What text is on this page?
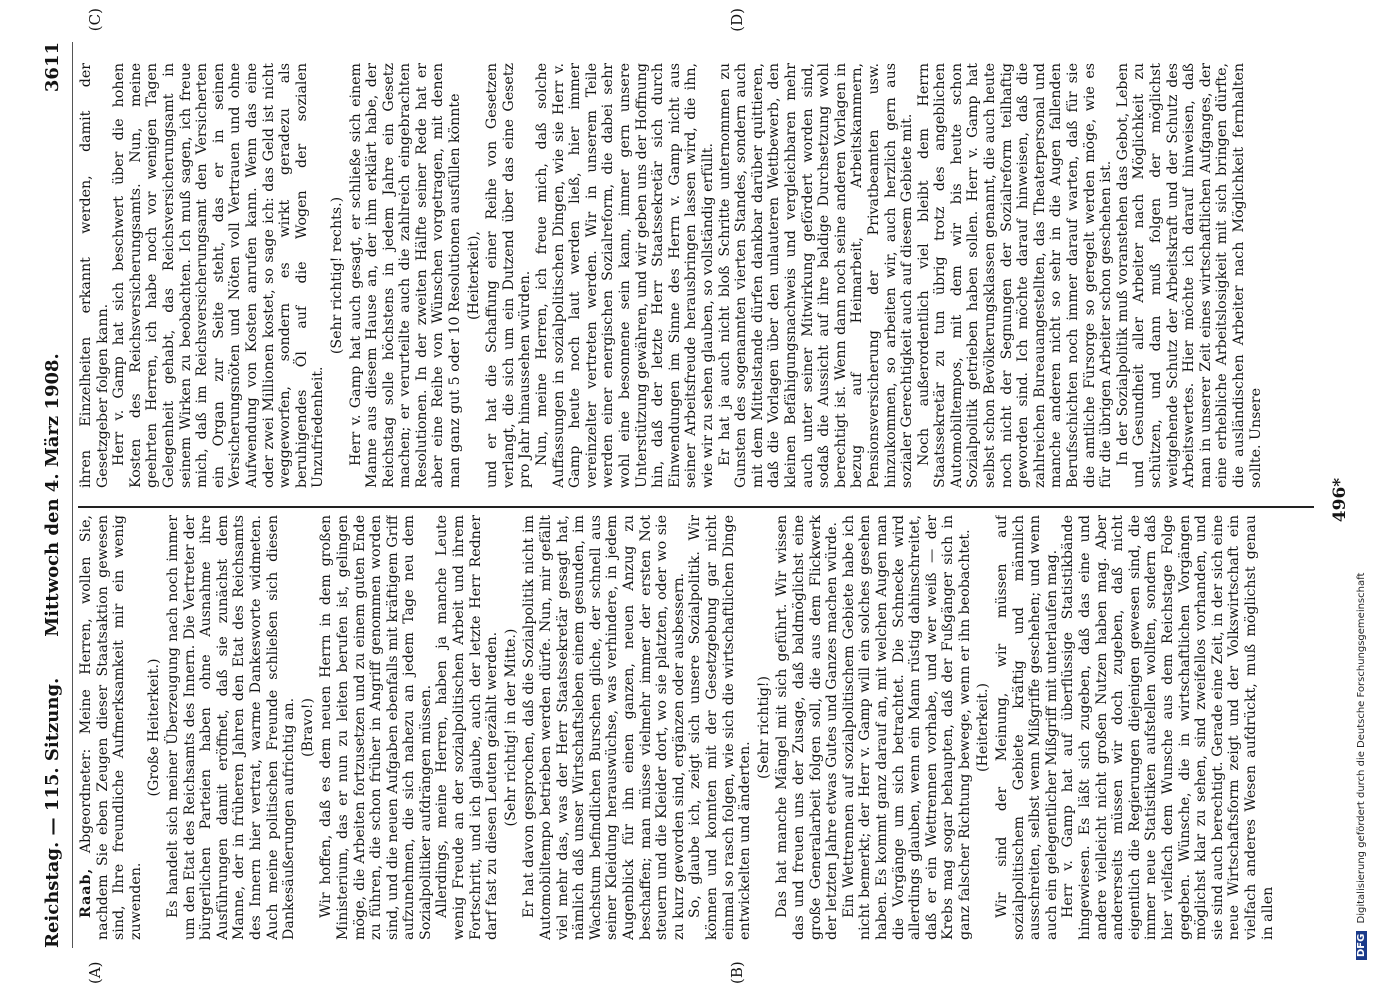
Reichstag. — 115. Sitzung.
Mittwoch den 4. März 1908.
3611
(A)	(B)
(C)	(D)

Raab, Abgeordneter: Meine Herren, wollen Sie, nachdem Sie eben Zeugen dieser Staatsaktion gewesen sind, Ihre freundliche Aufmerksamkeit mir ein wenig zuwenden.

(Große Heiterkeit.) Es handelt sich meiner Überzeugung nach noch immer um den Etat des Reichsamts des Innern. Die Vertreter der bürgerlichen Parteien haben ohne Ausnahme ihre Ausführungen damit eröffnet, daß sie zunächst dem Manne, der in früheren Jahren den Etat des Reichsamts des Innern hier vertrat, warme Dankesworte widmeten. Auch meine politischen Freunde schließen sich diesen Dankesäußerungen aufrichtig an. (Bravo!) Wir hoffen, daß es dem neuen Herrn in dem großen Ministerium, das er nun zu leiten berufen ist, gelingen möge, die Arbeiten fortzusetzen und zu einem guten Ende zu führen, die schon früher in Angriff genommen worden sind, und die neuen Aufgaben ebenfalls mit kräftigem Griff aufzunehmen, die sich nahezu an jedem Tage neu dem Sozialpolitiker aufdrängen müssen. Allerdings, meine Herren, haben ja manche Leute wenig Freude an der sozialpolitischen Arbeit und ihrem Fortschritt, und ich glaube, auch der letzte Herr Redner darf fast zu diesen Leuten gezählt werden. (Sehr richtig! in der Mitte.) Er hat davon gesprochen, daß die Sozialpolitik nicht im Automobiltempo betrieben werden dürfe. Nun, mir gefällt viel mehr das, was der Herr Staatssekretär gesagt hat, nämlich daß unser Wirtschaftsleben einem gesunden, im Wachstum befindlichen Burschen gliche, der schnell aus seiner Kleidung herauswüchse, was verhindere, in jedem Augenblick für ihn einen ganzen, neuen Anzug zu beschaffen; man müsse vielmehr immer der ersten Not steuern und die Kleider dort, wo sie platzten, oder wo sie zu kurz geworden sind, ergänzen oder ausbessern. So, glaube ich, zeigt sich unsere Sozialpolitik. Wir können und konnten mit der Gesetzgebung gar nicht einmal so rasch folgen, wie sich die wirtschaftlichen Dinge entwickelten und änderten.

(Sehr richtig!) Das hat manche Mängel mit sich geführt. Wir wissen das und freuen uns der Zusage, daß baldmöglichst eine große Generalarbeit folgen soll, die aus dem Flickwerk der letzten Jahre etwas Gutes und Ganzes machen würde. Ein Wettrennen auf sozialpolitischem Gebiete habe ich nicht bemerkt; der Herr v. Gamp will ein solches gesehen haben. Es kommt ganz darauf an, mit welchen Augen man die Vorgänge um sich betrachtet. Die Schnecke wird allerdings glauben, wenn ein Mann rüstig dahinschreitet, daß er ein Wettrennen vorhabe, und wer weiß — der Krebs mag sogar behaupten, daß der Fußgänger sich in ganz falscher Richtung bewege, wenn er ihn beobachtet. (Heiterkeit.) Wir sind der Meinung, wir müssen auf sozialpolitischem Gebiete kräftig und männlich ausschreiten, selbst wenn Mißgriffe geschehen; und wenn auch ein gelegentlicher Mißgriff mit unterlaufen mag. Herr v. Gamp hat auf überflüssige Statistikbände hingewiesen. Es läßt sich zugeben, daß das eine und andere vielleicht nicht großen Nutzen haben mag. Aber andererseits müssen wir doch zugeben, daß nicht eigentlich die Regierungen diejenigen gewesen sind, die immer neue Statistiken aufstellen wollten, sondern daß hier vielfach dem Wunsche aus dem Reichstage Folge gegeben. Wünsche, die in wirtschaftlichen Vorgängen möglichst klar zu sehen, sind zweifellos vorhanden, und sie sind auch berechtigt. Gerade eine Zeit, in der sich eine neue Wirtschaftsform zeigt und der Volkswirtschaft ein vielfach anderes Wesen aufdrückt, muß möglichst genau in allen

ihren Einzelheiten erkannt werden, damit der Gesetzgeber folgen kann. Herr v. Gamp hat sich beschwert über die hohen Kosten des Reichsversicherungsamts. Nun, meine geehrten Herren, ich habe noch vor wenigen Tagen Gelegenheit gehabt, das Reichsversicherungsamt in seinem Wirken zu beobachten. Ich muß sagen, ich freue mich, daß im Reichsversicherungsamt den Versicherten ein Organ zur Seite steht, das er in seinen Versicherungsnöten und Nöten voll Vertrauen und ohne Aufwendung von Kosten anrufen kann. Wenn das eine oder zwei Millionen kostet, so sage ich: das Geld ist nicht weggeworfen, sondern es wirkt geradezu als beruhigendes Öl auf die Wogen der sozialen Unzufriedenheit.

(Sehr richtig! rechts.) Herr v. Gamp hat auch gesagt, er schließe sich einem Manne aus diesem Hause an, der ihm erklärt habe, der Reichstag solle höchstens in jedem Jahre ein Gesetz machen; er verurteilte auch die zahlreich eingebrachten Resolutionen. In der zweiten Hälfte seiner Rede hat er aber eine Reihe von Wünschen vorgetragen, mit denen man ganz gut 5 oder 10 Resolutionen ausfüllen könnte (Heiterkeit), und er hat die Schaffung einer Reihe von Gesetzen verlangt, die sich um ein Dutzend über das eine Gesetz pro Jahr hinaussehen würden. Nun, meine Herren, ich freue mich, daß solche Auffassungen in sozialpolitischen Dingen, wie sie Herr v. Gamp heute noch laut werden ließ, hier immer vereinzelter vertreten werden. Wir in unserem Teile werden einer energischen Sozialreform, die dabei sehr wohl eine besonnene sein kann, immer gern unsere Unterstützung gewähren, und wir geben uns der Hoffnung hin, daß der letzte Herr Staatssekretär sich durch Einwendungen im Sinne des Herrn v. Gamp nicht aus seiner Arbeitsfreude herausbringen lassen wird, die ihn, wie wir zu sehen glauben, so vollständig erfüllt. Er hat ja auch nicht bloß Schritte unternommen zu Gunsten des sogenannten vierten Standes, sondern auch mit dem Mittelstande dürfen dankbar darüber quittieren, daß die Vorlagen über den unlauteren Wettbewerb, den kleinen Befähigungsnachweis und vergleichbaren mehr auch unter seiner Mitwirkung gefördert worden sind, sodaß die Aussicht auf ihre baldige Durchsetzung wohl berechtigt ist. Wenn dann noch seine anderen Vorlagen in bezug auf Heimarbeit, Arbeitskammern, Pensionsversicherung der Privatbeamten usw. hinzukommen, so arbeiten wir, auch herzlich gern aus sozialer Gerechtigkeit auch auf diesem Gebiete mit. Noch außerordentlich viel bleibt dem Herrn Staatssekretär zu tun übrig trotz des angeblichen Automobiltempos, mit dem wir bis heute schon Sozialpolitik getrieben haben sollen. Herr v. Gamp hat selbst schon Bevölkerungsklassen genannt, die auch heute noch nicht der Segnungen der Sozialreform teilhaftig geworden sind. Ich möchte darauf hinweisen, daß die zahlreichen Bureauangestellten, das Theaterpersonal und manche anderen nicht so sehr in die Augen fallenden Berufsschichten noch immer darauf warten, daß für sie die amtliche Fürsorge so geregelt werden möge, wie es für die übrigen Arbeiter schon geschehen ist. In der Sozialpolitik muß voranstehen das Gebot, Leben und Gesundheit aller Arbeiter nach Möglichkeit zu schützen, und dann muß folgen der möglichst weitgehende Schutz der Arbeitskraft und der Schutz des Arbeitswertes. Hier möchte ich darauf hinweisen, daß man in unserer Zeit eines wirtschaftlichen Aufganges, der eine erhebliche Arbeitslosigkeit mit sich bringen dürfte, die ausländischen Arbeiter nach Möglichkeit fernhalten sollte. Unsere

496*
DFG Digitalisierung gefördert durch die Deutsche Forschungsgemeinschaft
